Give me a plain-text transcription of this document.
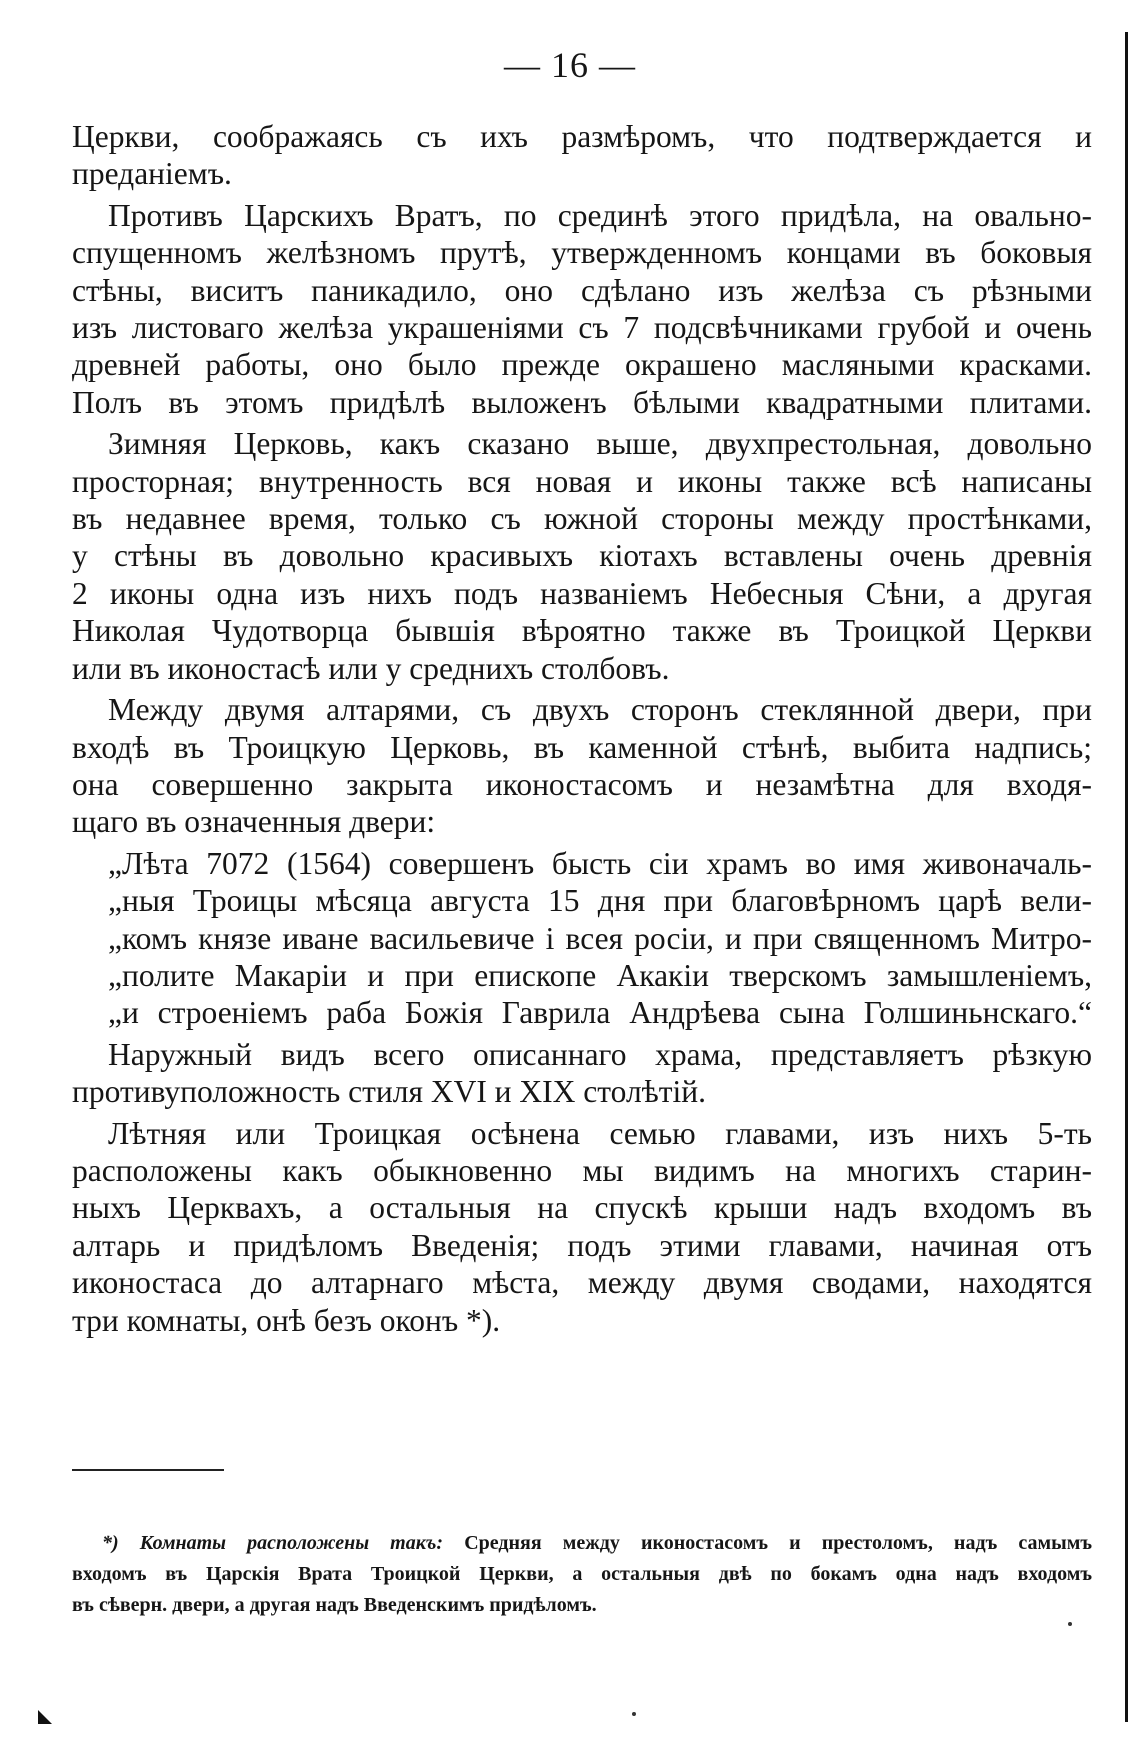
— 16 —

Церкви, соображаясь съ ихъ размѣромъ, что подтверждается и

преданіемъ.

Противъ Царскихъ Вратъ, по срединѣ этого придѣла, на овально-

спущенномъ желѣзномъ прутѣ, утвержденномъ концами въ боковыя

стѣны, виситъ паникадило, оно сдѣлано изъ желѣза съ рѣзными

изъ листоваго желѣза украшеніями съ 7 подсвѣчниками грубой и очень

древней работы, оно было прежде окрашено масляными красками.

Полъ въ этомъ придѣлѣ выложенъ бѣлыми квадратными плитами.

Зимняя Церковь, какъ сказано выше, двухпрестольная, довольно

просторная; внутренность вся новая и иконы также всѣ написаны

въ недавнее время, только съ южной стороны между простѣнками,

у стѣны въ довольно красивыхъ кіотахъ вставлены очень древнія

2 иконы одна изъ нихъ подъ названіемъ Небесныя Сѣни, а другая

Николая Чудотворца бывшія вѣроятно также въ Троицкой Церкви

или въ иконостасѣ или у среднихъ столбовъ.

Между двумя алтарями, съ двухъ сторонъ стеклянной двери, при

входѣ въ Троицкую Церковь, въ каменной стѣнѣ, выбита надпись;

она совершенно закрыта иконостасомъ и незамѣтна для входя-

щаго въ означенныя двери:

„Лѣта 7072 (1564) совершенъ бысть сіи храмъ во имя живоначаль-

„ныя Троицы мѣсяца августа 15 дня при благовѣрномъ царѣ вели-

„комъ князе иване васильевиче і всея росіи, и при священномъ Митро-

„полите Макаріи и при епископе Акакіи тверскомъ замышленіемъ,

„и строеніемъ раба Божія Гаврила Андрѣева сына Голшиньнскаго.“

Наружный видъ всего описаннаго храма, представляетъ рѣзкую

противуположность стиля XVI и XIX столѣтій.

Лѣтняя или Троицкая осѣнена семью главами, изъ нихъ 5-ть

расположены какъ обыкновенно мы видимъ на многихъ старин-

ныхъ Церквахъ, а остальныя на спускѣ крыши надъ входомъ въ

алтарь и придѣломъ Введенія; подъ этими главами, начиная отъ

иконостаса до алтарнаго мѣста, между двумя сводами, находятся

три комнаты, онѣ безъ оконъ *).

*) Комнаты расположены такъ: Средняя между иконостасомъ и престоломъ, надъ самымъ
входомъ въ Царскія Врата Троицкой Церкви, а остальныя двѣ по бокамъ одна надъ входомъ
въ сѣверн. двери, а другая надъ Введенскимъ придѣломъ.
